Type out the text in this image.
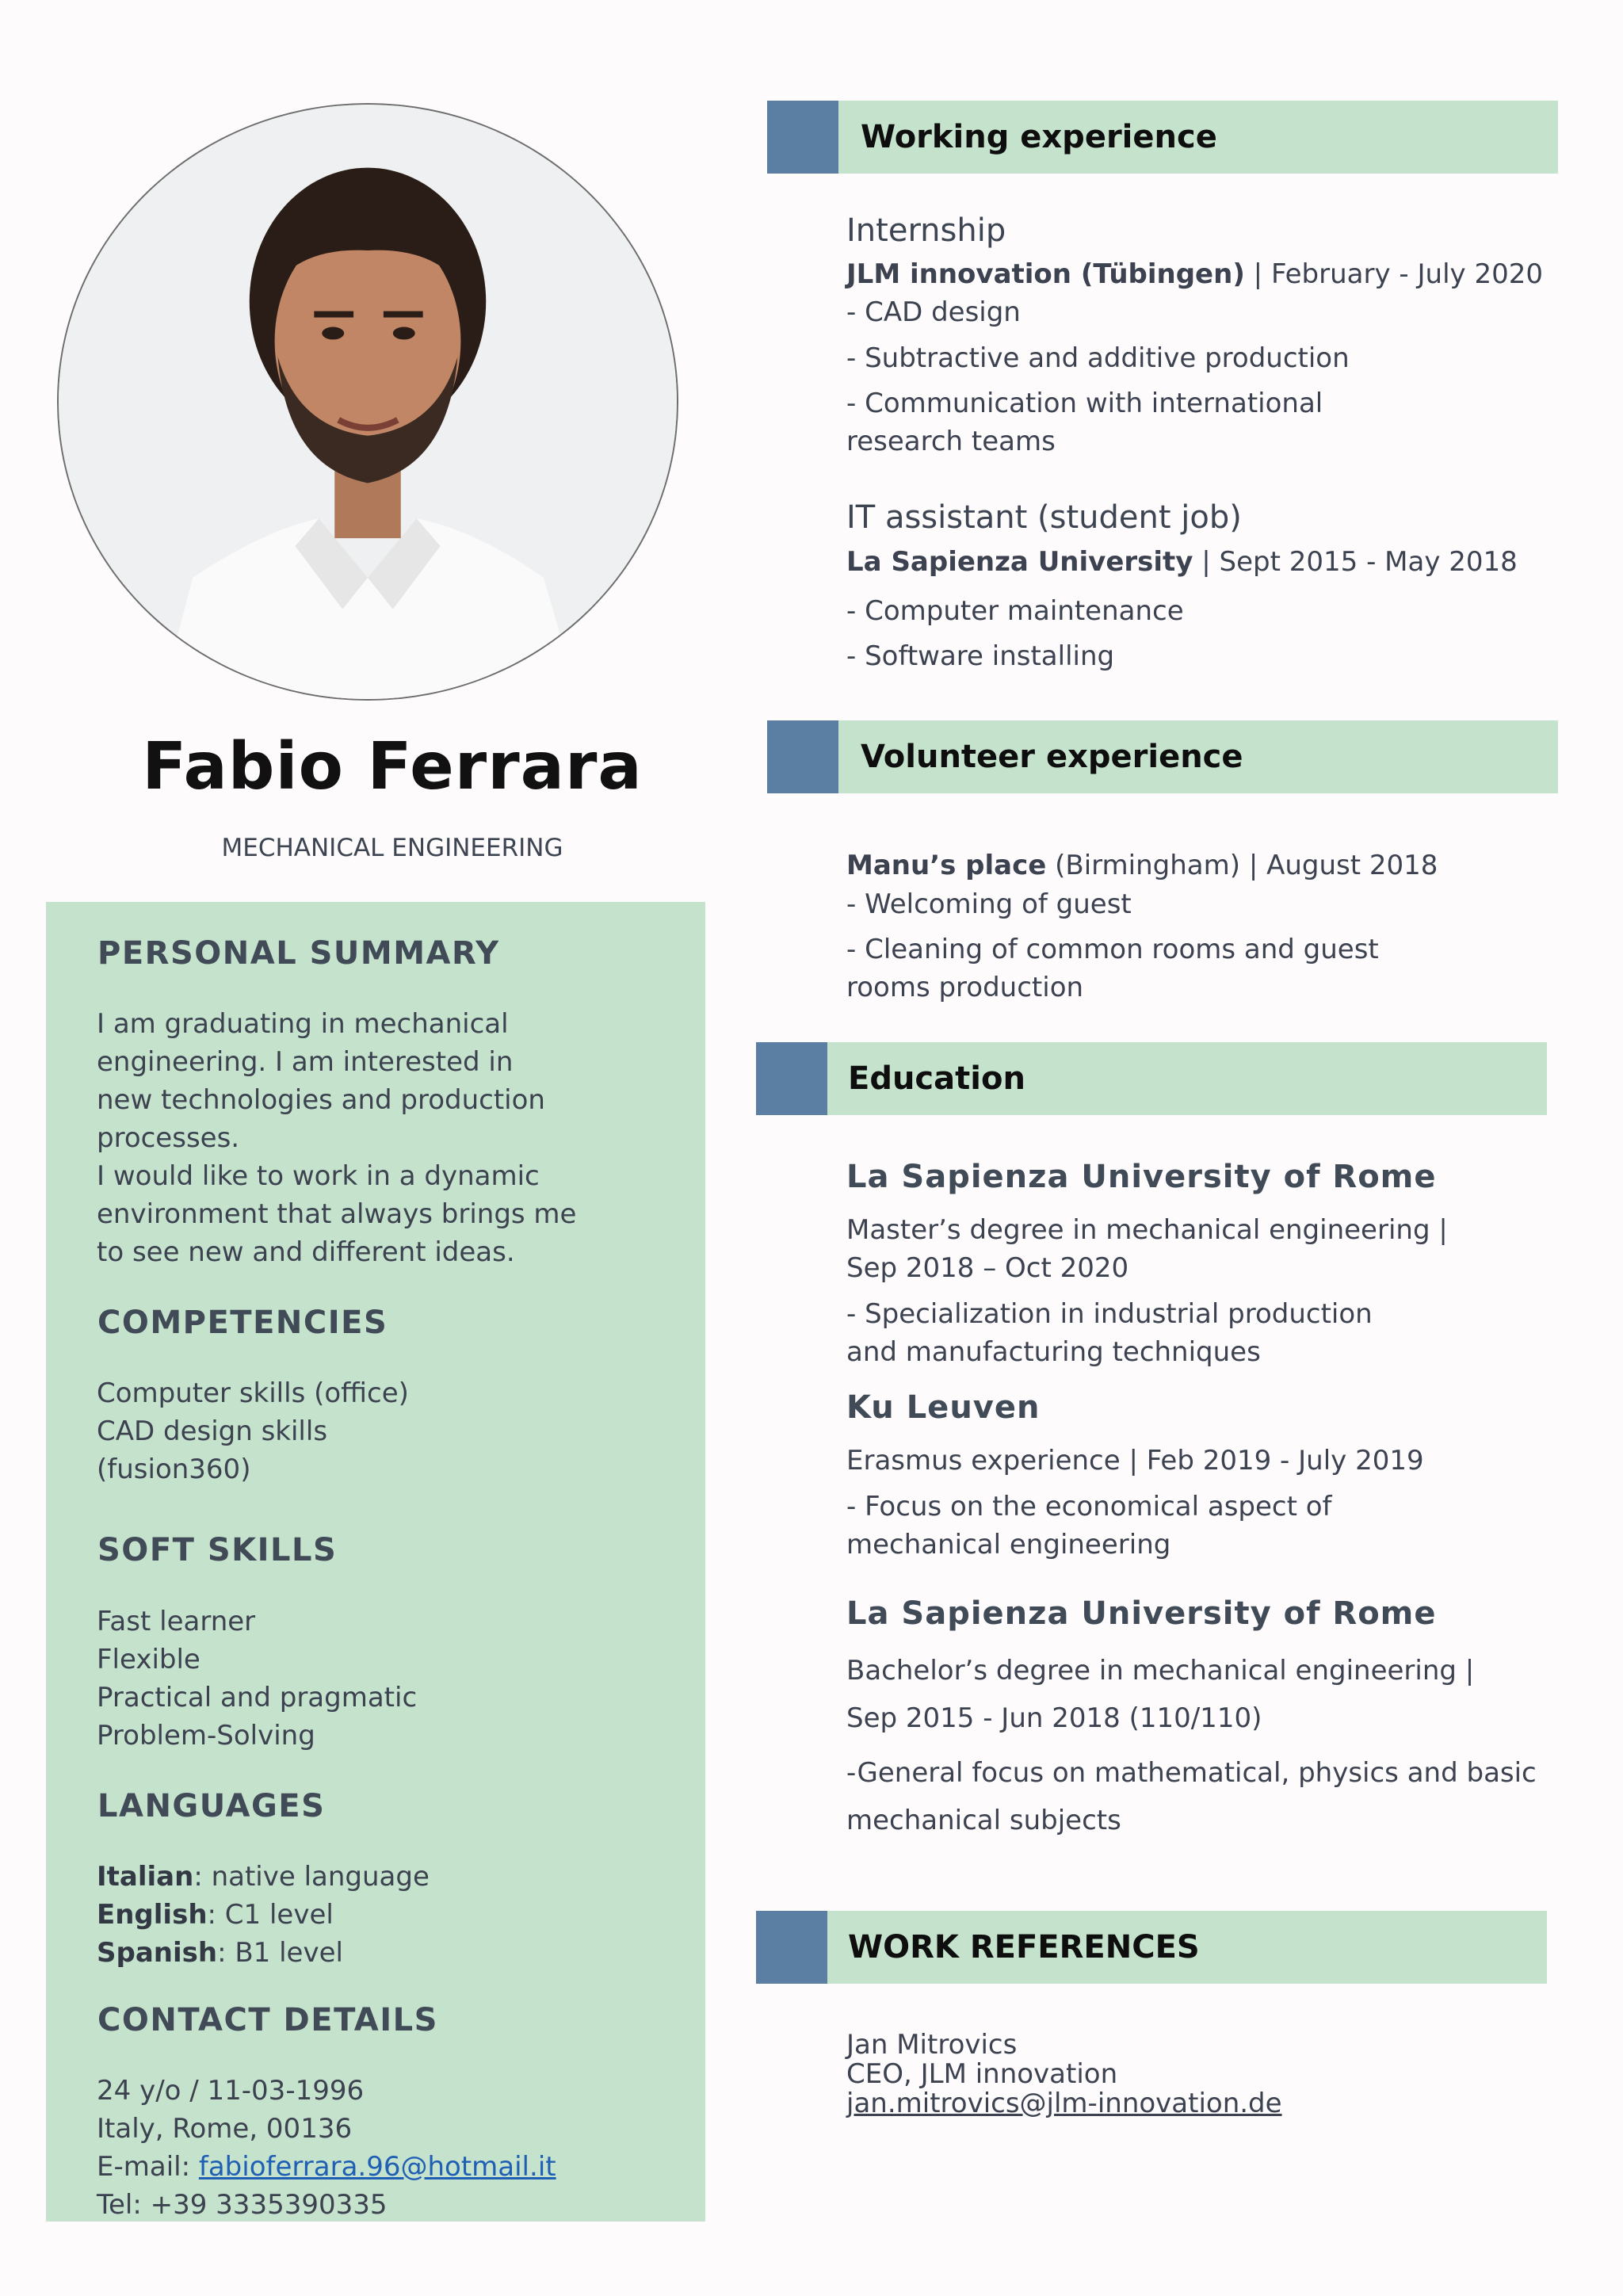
Fabio Ferrara
MECHANICAL ENGINEERING
PERSONAL SUMMARY
I am graduating in mechanical
engineering. I am interested in
new technologies and production
processes.
I would like to work in a dynamic
environment that always brings me
to see new and different ideas.
COMPETENCIES
Computer skills (office)
CAD design skills
(fusion360)
SOFT SKILLS
Fast learner
Flexible
Practical and pragmatic
Problem-Solving
LANGUAGES
Italian: native language
English: C1 level
Spanish: B1 level
CONTACT DETAILS
24 y/o / 11-03-1996
Italy, Rome, 00136
E-mail: fabioferrara.96@hotmail.it
Tel: +39 3335390335
Working experience
Internship
JLM innovation (Tübingen) | February - July 2020
- CAD design
- Subtractive and additive production
- Communication with international
research teams
IT assistant (student job)
La Sapienza University | Sept 2015 - May 2018
- Computer maintenance
- Software installing
Volunteer experience
Manu’s place (Birmingham) | August 2018
- Welcoming of guest
- Cleaning of common rooms and guest
rooms production
Education
La Sapienza University of Rome
Master’s degree in mechanical engineering |
Sep 2018 – Oct 2020
- Specialization in industrial production
and manufacturing techniques
Ku Leuven
Erasmus experience | Feb 2019 - July 2019
- Focus on the economical aspect of
mechanical engineering
La Sapienza University of Rome
Bachelor’s degree in mechanical engineering |
Sep 2015 - Jun 2018 (110/110)
-General focus on mathematical, physics and basic
mechanical subjects
WORK REFERENCES
Jan Mitrovics
CEO, JLM innovation
jan.mitrovics@jlm-innovation.de
